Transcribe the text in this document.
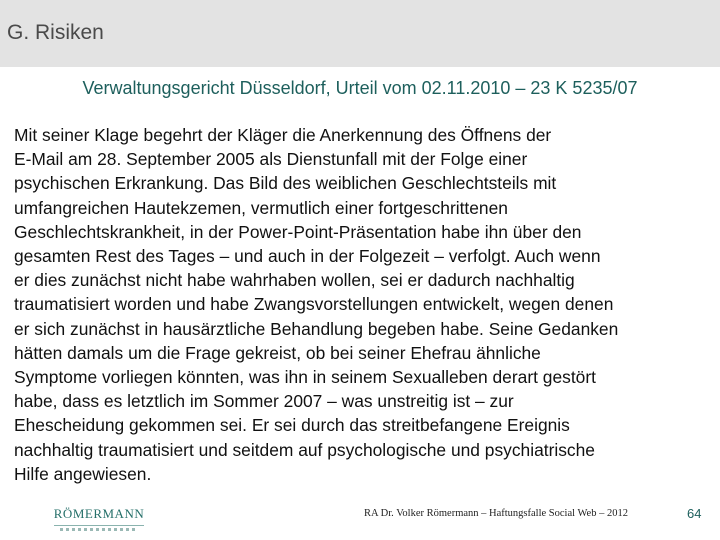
G. Risiken
Verwaltungsgericht Düsseldorf, Urteil vom 02.11.2010 – 23 K 5235/07
Mit seiner Klage begehrt der Kläger die Anerkennung des Öffnens der
E-Mail am 28. September 2005 als Dienstunfall mit der Folge einer
psychischen Erkrankung. Das Bild des weiblichen Geschlechtsteils mit
umfangreichen Hautekzemen, vermutlich einer fortgeschrittenen
Geschlechtskrankheit, in der Power-Point-Präsentation habe ihn über den
gesamten Rest des Tages – und auch in der Folgezeit – verfolgt. Auch wenn
er dies zunächst nicht habe wahrhaben wollen, sei er dadurch nachhaltig
traumatisiert worden und habe Zwangsvorstellungen entwickelt, wegen denen
er sich zunächst in hausärztliche Behandlung begeben habe. Seine Gedanken
hätten damals um die Frage gekreist, ob bei seiner Ehefrau ähnliche
Symptome vorliegen könnten, was ihn in seinem Sexualleben derart gestört
habe, dass es letztlich im Sommer 2007 – was unstreitig ist – zur
Ehescheidung gekommen sei. Er sei durch das streitbefangene Ereignis
nachhaltig traumatisiert und seitdem auf psychologische und psychiatrische
Hilfe angewiesen.
RÖMERMANN	RA Dr. Volker Römermann – Haftungsfalle Social Web – 2012	64
